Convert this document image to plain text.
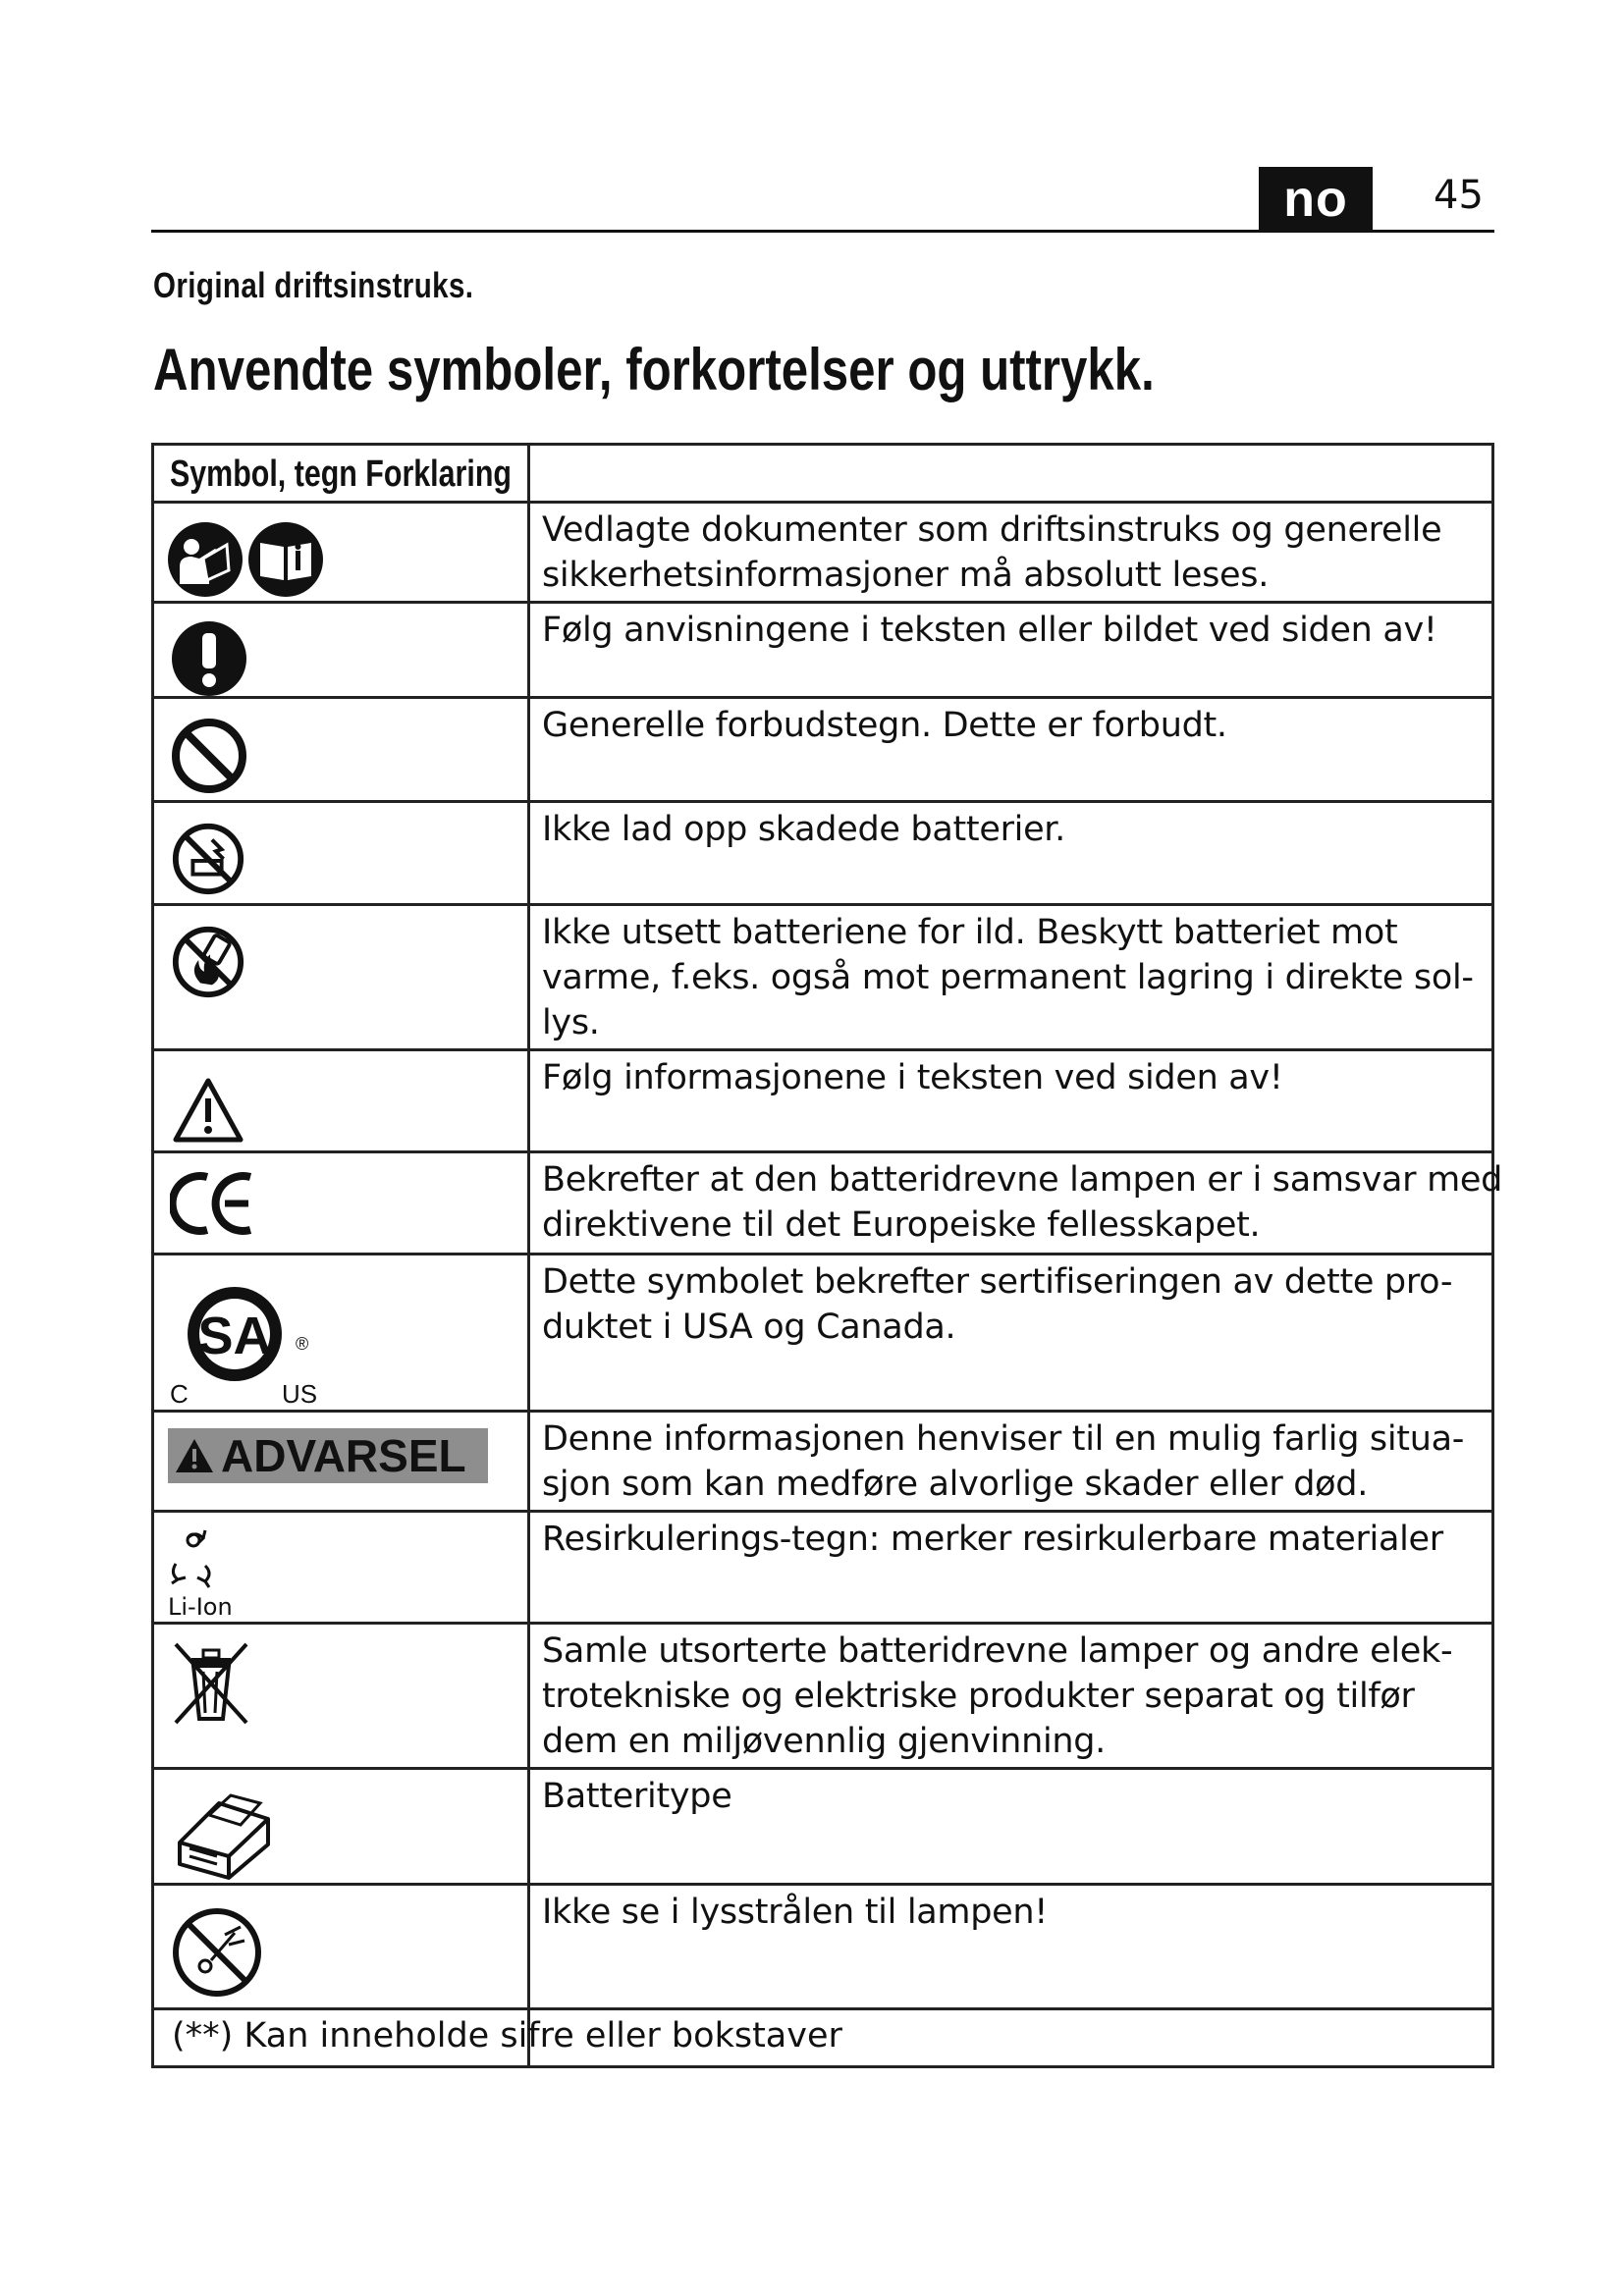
no	45
Original driftsinstruks.
Anvendte symboler, forkortelser og uttrykk.
Symbol, tegn Forklaring	

Vedlagte dokumenter som driftsinstruks og generelle
sikkerhetsinformasjoner må absolutt leses.

Følg anvisningene i teksten eller bildet ved siden av!

Generelle forbudstegn. Dette er forbudt.

Ikke lad opp skadede batterier.

Ikke utsett batteriene for ild. Beskytt batteriet mot
varme, f.eks. også mot permanent lagring i direkte sol-
lys.

Følg informasjonene i teksten ved siden av!

Bekrefter at den batteridrevne lampen er i samsvar med
direktivene til det Europeiske fellesskapet.

SA ®
C US	Dette symbolet bekrefter sertifiseringen av dette pro-
duktet i USA og Canada.

ADVARSEL	Denne informasjonen henviser til en mulig farlig situa-
sjon som kan medføre alvorlige skader eller død.

Li-Ion	Resirkulerings-tegn: merker resirkulerbare materialer

Samle utsorterte batteridrevne lamper og andre elek-
trotekniske og elektriske produkter separat og tilfør
dem en miljøvennlig gjenvinning.

Batteritype

Ikke se i lysstrålen til lampen!

(**) Kan inneholde sifre eller bokstaver	
